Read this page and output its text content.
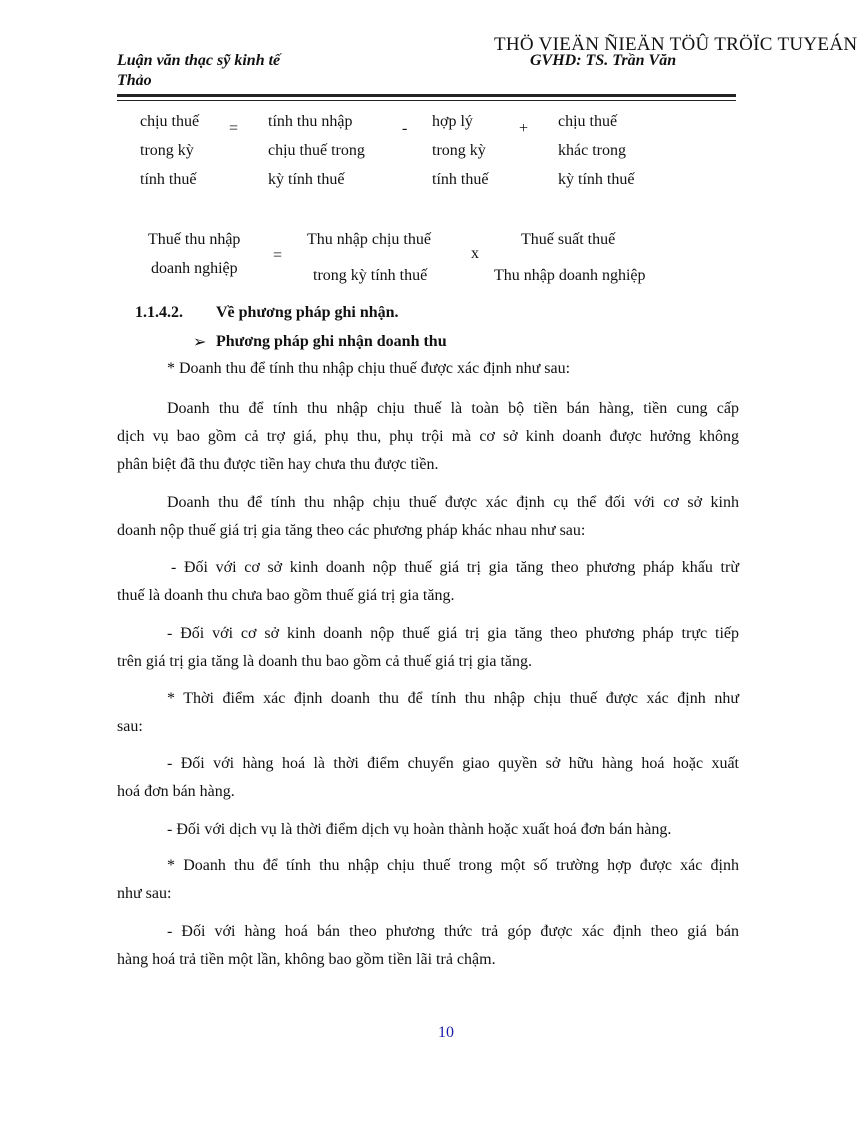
THÖ VIEÄN ÑIEÄN TÖÛ TRÖÏC TUYEÁN
Luận văn thạc sỹ kinh tế	GVHD: TS. Trần Văn
Thảo
chịu thuế
trong kỳ
tính thuế
= tính thu nhập
chịu thuế trong
kỳ tính thuế
- hợp lý
trong kỳ
tính thuế
+ chịu thuế
khác trong
kỳ tính thuế
Thuế thu nhập
doanh nghiệp
=
Thu nhập chịu thuế
trong kỳ tính thuế
x
Thuế suất thuế
Thu nhập doanh nghiệp
1.1.4.2. Về phương pháp ghi nhận.
➢ Phương pháp ghi nhận doanh thu
* Doanh thu để tính thu nhập chịu thuế được xác định như sau:
Doanh thu để tính thu nhập chịu thuế là toàn bộ tiền bán hàng, tiền cung cấp
dịch vụ bao gồm cả trợ giá, phụ thu, phụ trội mà cơ sở kinh doanh được hưởng không
phân biệt đã thu được tiền hay chưa thu được tiền.
Doanh thu để tính thu nhập chịu thuế được xác định cụ thể đối với cơ sở kinh
doanh nộp thuế giá trị gia tăng theo các phương pháp khác nhau như sau:
- Đối với cơ sở kinh doanh nộp thuế giá trị gia tăng theo phương pháp khấu trừ
thuế là doanh thu chưa bao gồm thuế giá trị gia tăng.
- Đối với cơ sở kinh doanh nộp thuế giá trị gia tăng theo phương pháp trực tiếp
trên giá trị gia tăng là doanh thu bao gồm cả thuế giá trị gia tăng.
* Thời điểm xác định doanh thu để tính thu nhập chịu thuế được xác định như
sau:
- Đối với hàng hoá là thời điểm chuyển giao quyền sở hữu hàng hoá hoặc xuất
hoá đơn bán hàng.
- Đối với dịch vụ là thời điểm dịch vụ hoàn thành hoặc xuất hoá đơn bán hàng.
* Doanh thu để tính thu nhập chịu thuế trong một số trường hợp được xác định
như sau:
- Đối với hàng hoá bán theo phương thức trả góp được xác định theo giá bán
hàng hoá trả tiền một lần, không bao gồm tiền lãi trả chậm.
10
